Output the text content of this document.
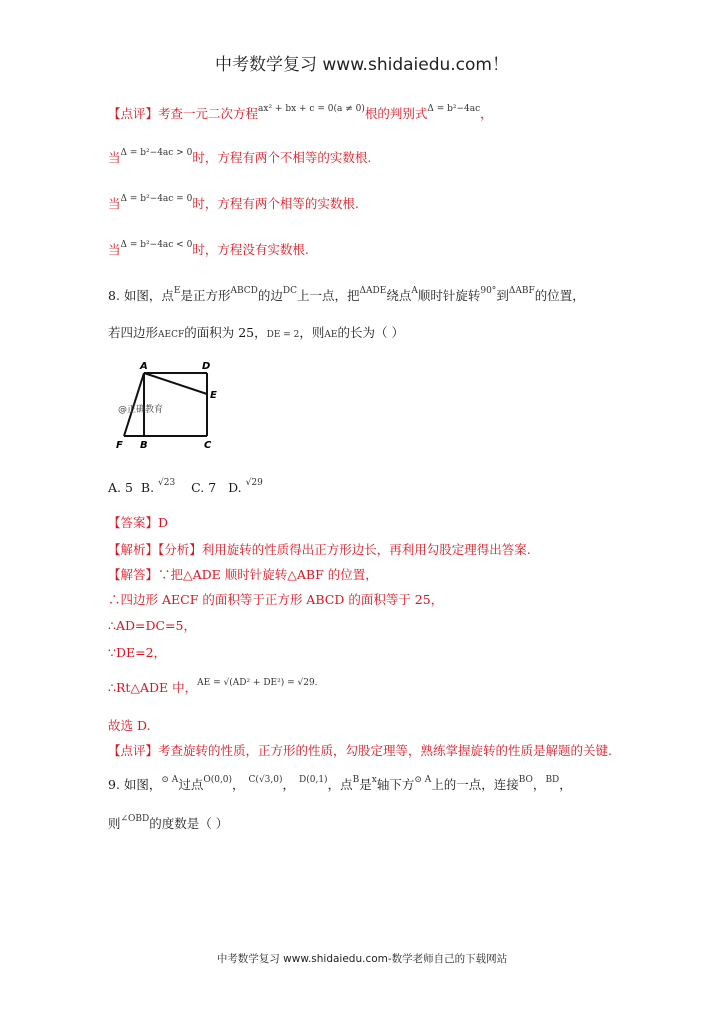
中考数学复习 www.shidaiedu.com！
【点评】考查一元二次方程$^{ax^2 + bx + c = 0(a \ne 0)}$根的判别式$^{\Delta = b^2-4ac}$，
当$^{\Delta = b^2-4ac > 0}$时，方程有两个不相等的实数根.
当$^{\Delta = b^2-4ac = 0}$时，方程有两个相等的实数根.
当$^{\Delta = b^2-4ac < 0}$时，方程没有实数根.
8. 如图，点$^E$是正方形$^{ABCD}$的边$^{DC}$上一点，把$^{\Delta ADE}$绕点$^A$顺时针旋转$^{90^\circ}$到$^{\Delta ABF}$的位置，
若四边形AECF的面积为 25，DE = 2，则AE的长为（ ）
A	D
E
F B	C
@正确教育
A. 5 B. $^{√23}$ C. 7 D. $^{√29}$
【答案】D
【解析】【分析】利用旋转的性质得出正方形边长，再利用勾股定理得出答案.
【解答】∵把△ADE 顺时针旋转△ABF 的位置，
∴四边形 AECF 的面积等于正方形 ABCD 的面积等于 25，
∴AD=DC=5，
∵DE=2，
∴Rt△ADE 中，$^{AE = √(AD^2 + DE^2) = √29.}$
故选 D.
【点评】考查旋转的性质，正方形的性质，勾股定理等，熟练掌握旋转的性质是解题的关键.
9. 如图，$^{⊙ A}$过点$^{O(0,0)}$， $^{C(√3,0)}$， $^{D(0,1)}$，点$^B$是$^x$轴下方$^{⊙ A}$上的一点，连接$^{BO}$，$^{BD}$，
则$^{\angle OBD}$的度数是（ ）
中考数学复习 www.shidaiedu.com-数学老师自己的下载网站
